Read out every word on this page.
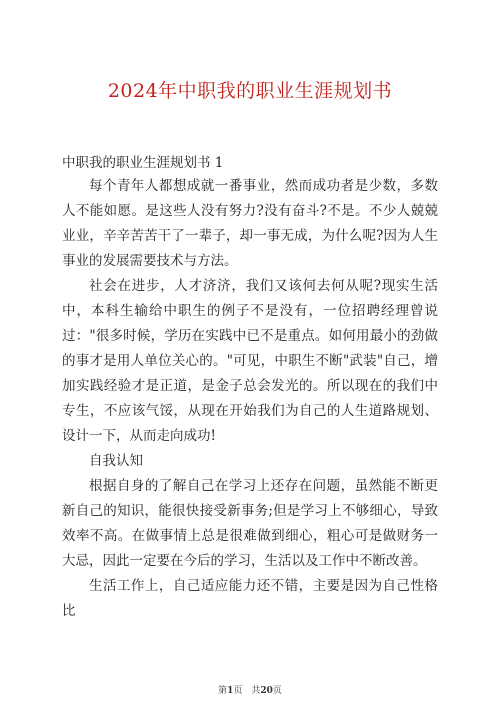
2024年中职我的职业生涯规划书
中职我的职业生涯规划书 1

每个青年人都想成就一番事业，然而成功者是少数，多数人不能如愿。是这些人没有努力?没有奋斗?不是。不少人兢兢业业，辛辛苦苦干了一辈子，却一事无成，为什么呢?因为人生事业的发展需要技术与方法。

社会在进步，人才济济，我们又该何去何从呢?现实生活中，本科生输给中职生的例子不是没有，一位招聘经理曾说过："很多时候，学历在实践中已不是重点。如何用最小的劲做的事才是用人单位关心的。"可见，中职生不断"武装"自己，增加实践经验才是正道，是金子总会发光的。所以现在的我们中专生，不应该气馁，从现在开始我们为自己的人生道路规划、设计一下，从而走向成功!

自我认知

根据自身的了解自己在学习上还存在问题，虽然能不断更新自己的知识，能很快接受新事务;但是学习上不够细心，导致效率不高。在做事情上总是很难做到细心，粗心可是做财务一大忌，因此一定要在今后的学习，生活以及工作中不断改善。

生活工作上，自己适应能力还不错，主要是因为自己性格比

第1页　共20页
